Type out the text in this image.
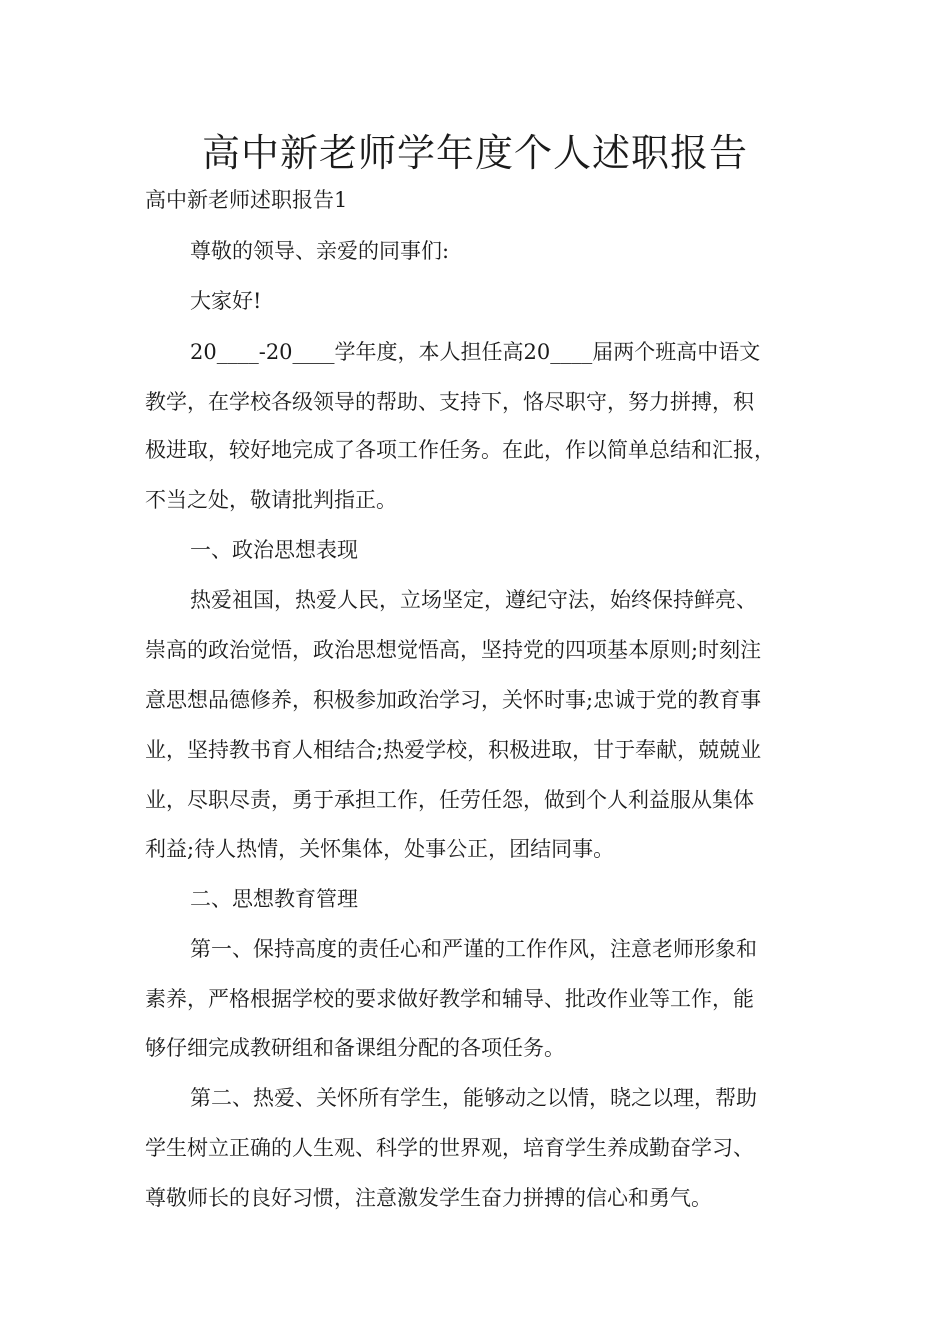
高中新老师学年度个人述职报告

高中新老师述职报告1

尊敬的领导、亲爱的同事们:

大家好!

20____-20____学年度，本人担任高20____届两个班高中语文

教学，在学校各级领导的帮助、支持下，恪尽职守，努力拼搏，积

极进取，较好地完成了各项工作任务。在此，作以简单总结和汇报，

不当之处，敬请批判指正。

一、政治思想表现

热爱祖国，热爱人民，立场坚定，遵纪守法，始终保持鲜亮、

崇高的政治觉悟，政治思想觉悟高，坚持党的四项基本原则;时刻注

意思想品德修养，积极参加政治学习，关怀时事;忠诚于党的教育事

业，坚持教书育人相结合;热爱学校，积极进取，甘于奉献，兢兢业

业，尽职尽责，勇于承担工作，任劳任怨，做到个人利益服从集体

利益;待人热情，关怀集体，处事公正，团结同事。

二、思想教育管理

第一、保持高度的责任心和严谨的工作作风，注意老师形象和

素养，严格根据学校的要求做好教学和辅导、批改作业等工作，能

够仔细完成教研组和备课组分配的各项任务。

第二、热爱、关怀所有学生，能够动之以情，晓之以理，帮助

学生树立正确的人生观、科学的世界观，培育学生养成勤奋学习、

尊敬师长的良好习惯，注意激发学生奋力拼搏的信心和勇气。
